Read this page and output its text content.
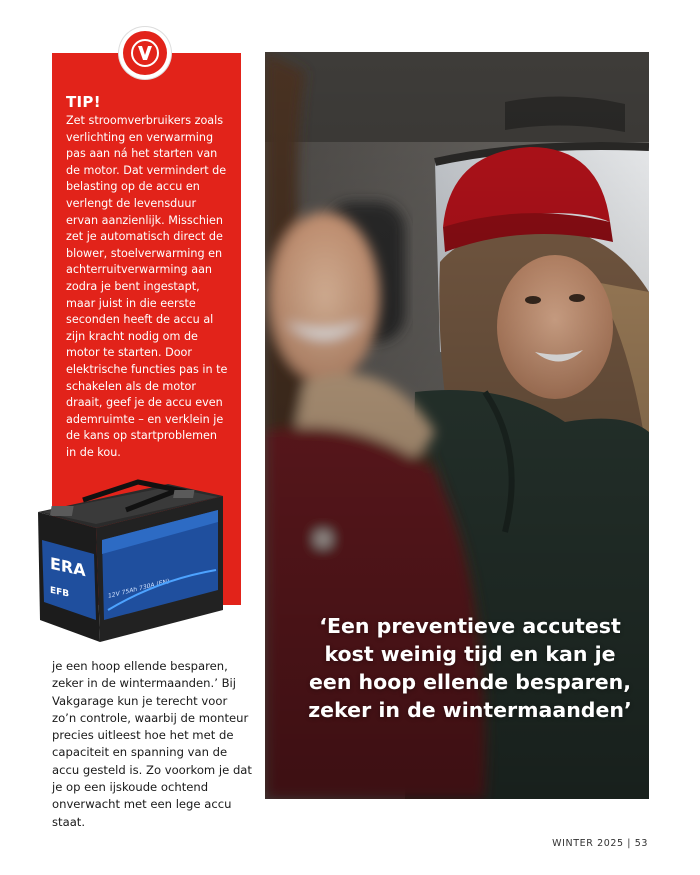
TIP!

Zet stroomverbruikers zoals verlichting en verwarming pas aan ná het starten van de motor. Dat vermindert de belasting op de accu en verlengt de levensduur ervan aanzienlijk. Misschien zet je automatisch direct de blower, stoelverwarming en achterruitverwarming aan zodra je bent ingestapt, maar juist in die eerste seconden heeft de accu al zijn kracht nodig om de motor te starten. Door elektrische functies pas in te schakelen als de motor draait, geef je de accu even ademruimte – en verklein je de kans op startproblemen in de kou.

ERA
EFB	12V 75Ah 730A (EN)

je een hoop ellende besparen, zeker in de wintermaanden.’ Bij Vakgarage kun je terecht voor zo’n controle, waarbij de monteur precies uitleest hoe het met de capaciteit en spanning van de accu gesteld is. Zo voorkom je dat je op een ijskoude ochtend onverwacht met een lege accu staat.

‘Een preventieve accutest kost weinig tijd en kan je een hoop ellende besparen, zeker in de wintermaanden’
WINTER 2025 | 53
